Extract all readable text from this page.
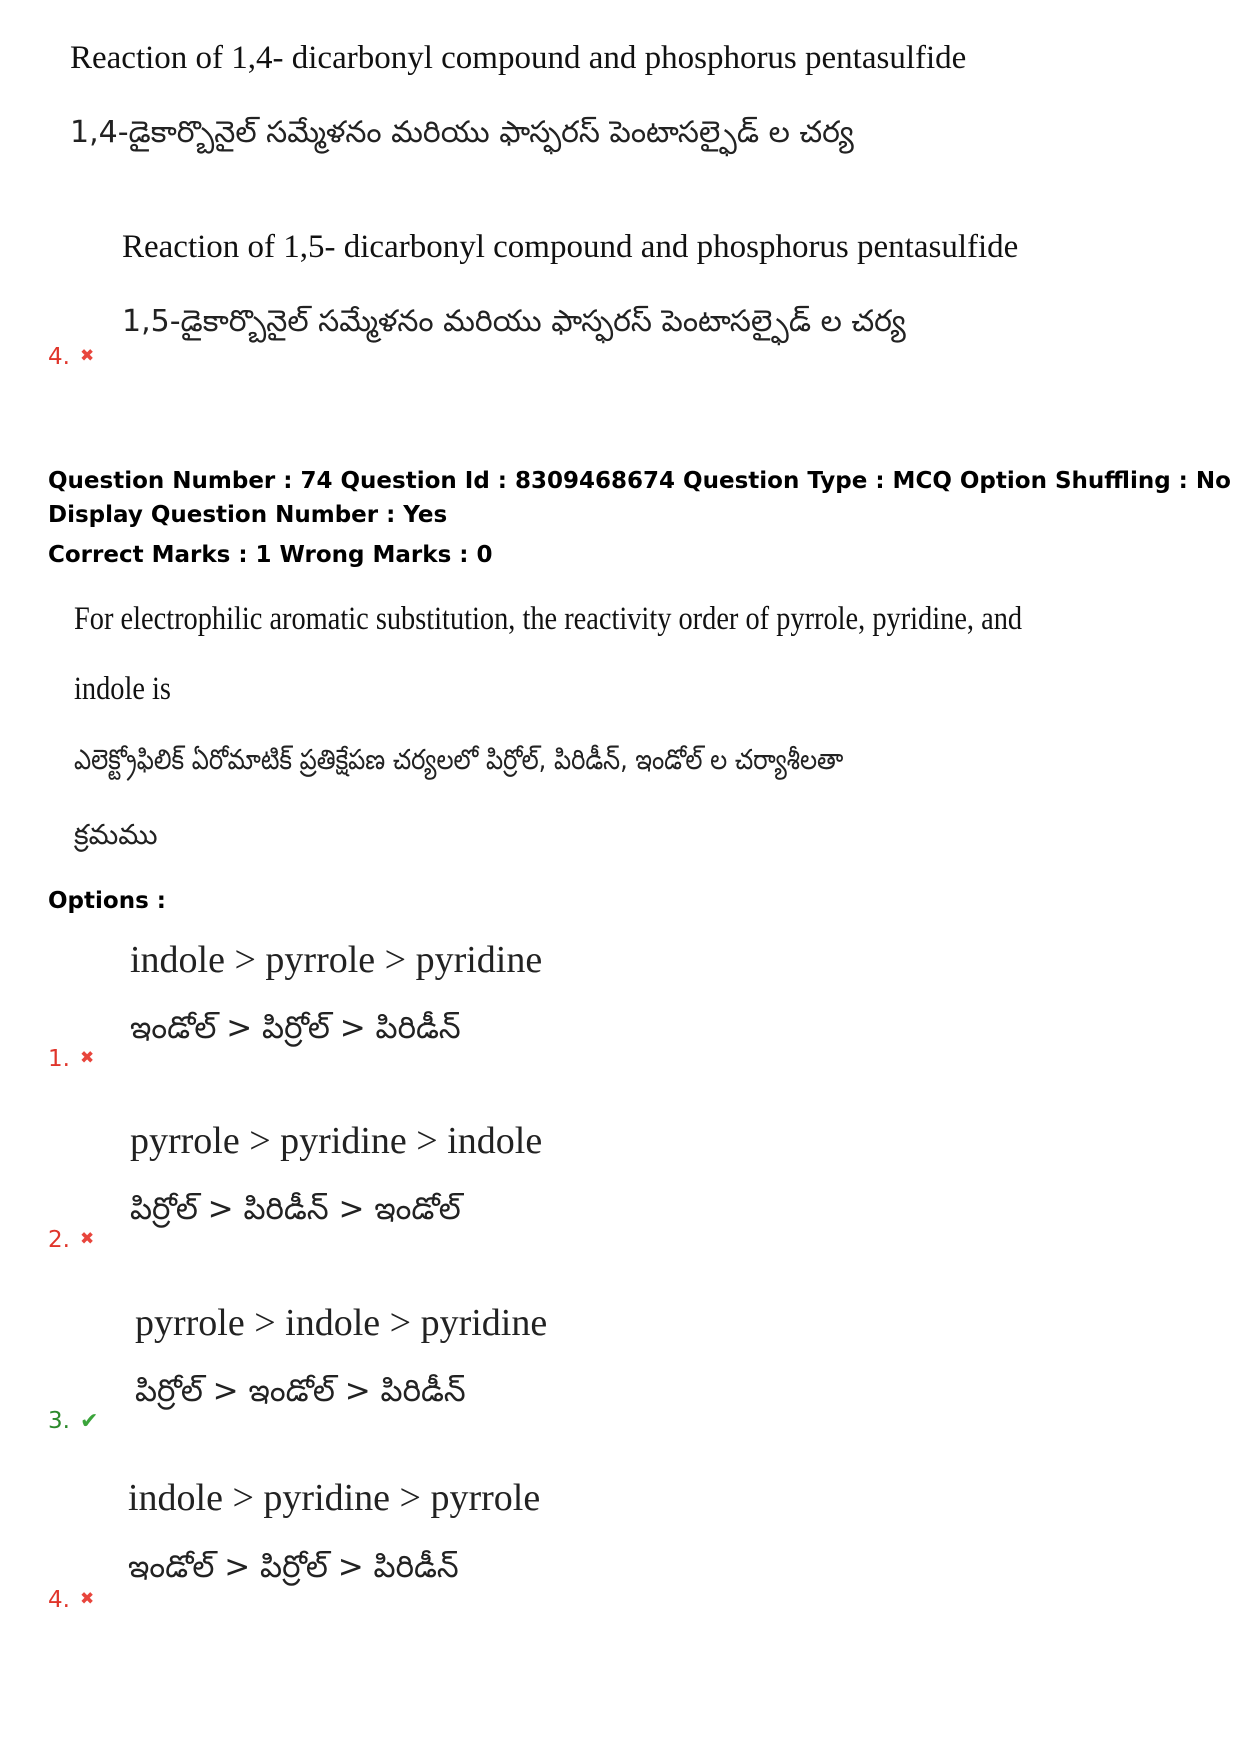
Reaction of 1,4- dicarbonyl compound and phosphorus pentasulfide
1,4-డైకార్బొనైల్ సమ్మేళనం మరియు ఫాస్ఫరస్ పెంటాసల్ఫైడ్ ల చర్య
Reaction of 1,5- dicarbonyl compound and phosphorus pentasulfide
1,5-డైకార్బొనైల్ సమ్మేళనం మరియు ఫాస్ఫరస్ పెంటాసల్ఫైడ్ ల చర్య
4. ✖
Question Number : 74 Question Id : 8309468674 Question Type : MCQ Option Shuffling : No
Display Question Number : Yes
Correct Marks : 1 Wrong Marks : 0
For electrophilic aromatic substitution, the reactivity order of pyrrole, pyridine, and
indole is
ఎలెక్ట్రోఫిలిక్ ఏరోమాటిక్ ప్రతిక్షేపణ చర్యలలో పిర్రోల్, పిరిడీన్, ఇండోల్ ల చర్యాశీలతా
క్రమము
Options :
indole > pyrrole > pyridine
ఇండోల్ > పిర్రోల్ > పిరిడీన్
1. ✖
pyrrole > pyridine > indole
పిర్రోల్ > పిరిడీన్ > ఇండోల్
2. ✖
pyrrole > indole > pyridine
పిర్రోల్ > ఇండోల్ > పిరిడీన్
3. ✔
indole > pyridine > pyrrole
ఇండోల్ > పిర్రోల్ > పిరిడీన్
4. ✖
